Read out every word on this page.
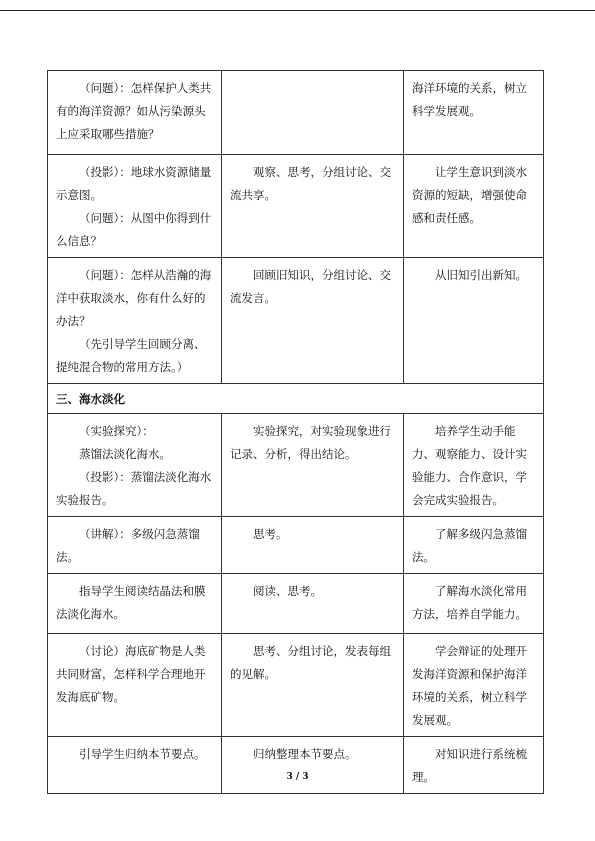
（问题）：怎样保护人类共有的海洋资源？如从污染源头上应采取哪些措施？		海洋环境的关系，树立科学发展观。

（投影）：地球水资源储量示意图。
（问题）：从图中你得到什么信息？	观察、思考，分组讨论、交流共享。	让学生意识到淡水资源的短缺，增强使命感和责任感。

（问题）：怎样从浩瀚的海洋中获取淡水，你有什么好的办法？
（先引导学生回顾分离、提纯混合物的常用方法。）	回顾旧知识，分组讨论、交流发言。	从旧知引出新知。

三、海水淡化		

（实验探究）：
蒸馏法淡化海水。
（投影）：蒸馏法淡化海水实验报告。	实验探究，对实验现象进行记录、分析，得出结论。	培养学生动手能力、观察能力、设计实验能力、合作意识，学会完成实验报告。

（讲解）：多级闪急蒸馏法。	思考。	了解多级闪急蒸馏法。

指导学生阅读结晶法和膜法淡化海水。	阅读、思考。	了解海水淡化常用方法，培养自学能力。

（讨论）海底矿物是人类共同财富，怎样科学合理地开发海底矿物。	思考、分组讨论，发表每组的见解。	学会辩证的处理开发海洋资源和保护海洋环境的关系，树立科学发展观。

引导学生归纳本节要点。	归纳整理本节要点。	对知识进行系统梳理。
3 / 3
